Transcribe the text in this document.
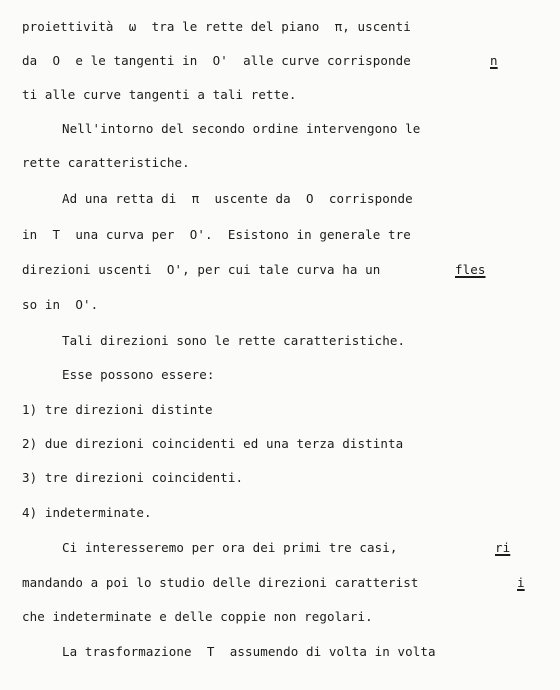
proiettività  ω  tra le rette del piano  π, uscenti
da  O  e le tangenti in  O'  alle curve corrisponde	n
ti alle curve tangenti a tali rette.
Nell'intorno del secondo ordine intervengono le
rette caratteristiche.
Ad una retta di  π  uscente da  O  corrisponde
in  T  una curva per  O'.  Esistono in generale tre
direzioni uscenti  O', per cui tale curva ha un	fles
so in  O'.
Tali direzioni sono le rette caratteristiche.
Esse possono essere:
1) tre direzioni distinte
2) due direzioni coincidenti ed una terza distinta
3) tre direzioni coincidenti.
4) indeterminate.
Ci interesseremo per ora dei primi tre casi,	ri
mandando a poi lo studio delle direzioni caratterist	i
che indeterminate e delle coppie non regolari.
La trasformazione  T  assumendo di volta in volta
